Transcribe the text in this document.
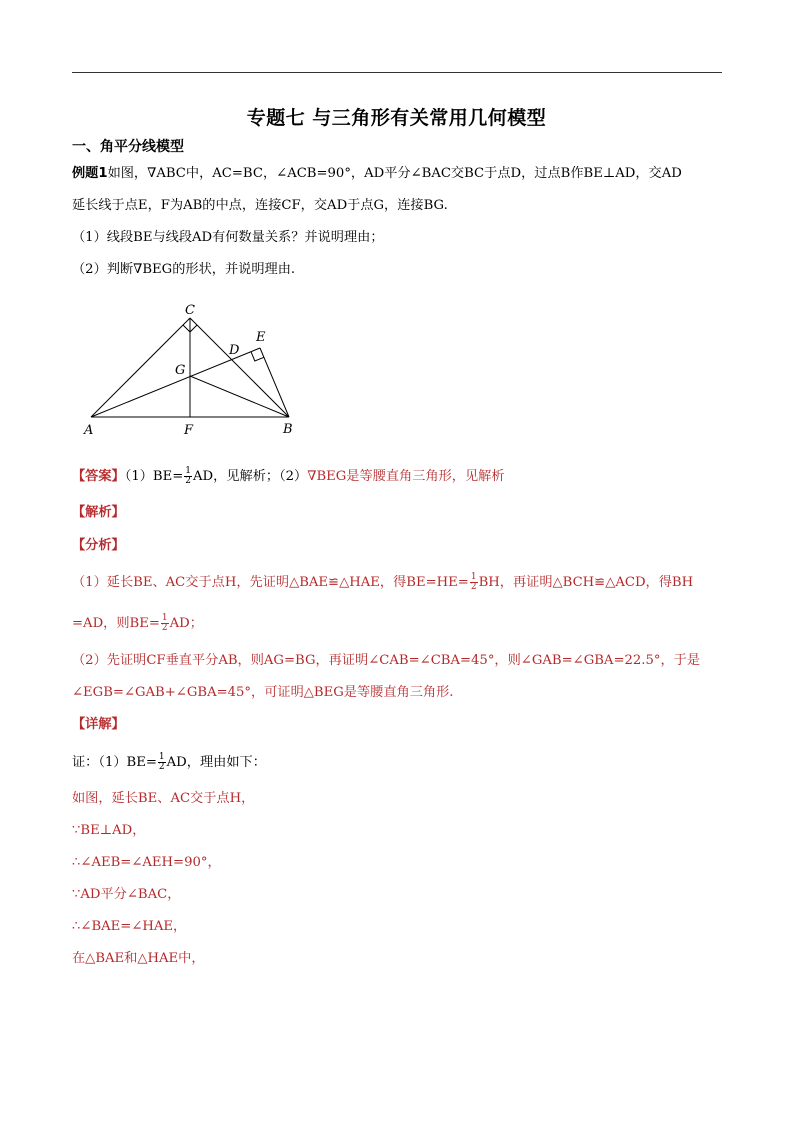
专题七 与三角形有关常用几何模型
一、角平分线模型
例题1如图，∇ABC中，AC=BC，∠ACB=90°，AD平分∠BAC交BC于点D，过点B作BE⊥AD，交AD
延长线于点E，F为AB的中点，连接CF，交AD于点G，连接BG.
（1）线段BE与线段AD有何数量关系？并说明理由；
（2）判断∇BEG的形状，并说明理由.
C
E
D
G
A	F	B
【答案】$(1)BE= \frac{1}{2}$ AD，见解析；（2）∇BEG是等腰直角三角形，见解析
【解析】
【分析】
（1）延长BE、AC交于点H，先证明△BAE≌△HAE，得$BE=HE= \frac{1}{2}$ BH，再证明△BCH≌△ACD，得BH
=AD，则$BE= \frac{1}{2}$ AD；
（2）先证明CF垂直平分AB，则AG=BG，再证明∠CAB=∠CBA=45°，则∠GAB=∠GBA=22.5°，于是
∠EGB=∠GAB+∠GBA=45°，可证明△BEG是等腰直角三角形.
【详解】
证：$(1)BE= \frac{1}{2}$ AD，理由如下：
如图，延长BE、AC交于点H，
∵BE⊥AD，
∴∠AEB=∠AEH=90°，
∵AD平分∠BAC，
∴∠BAE=∠HAE，
在△BAE和△HAE中，
